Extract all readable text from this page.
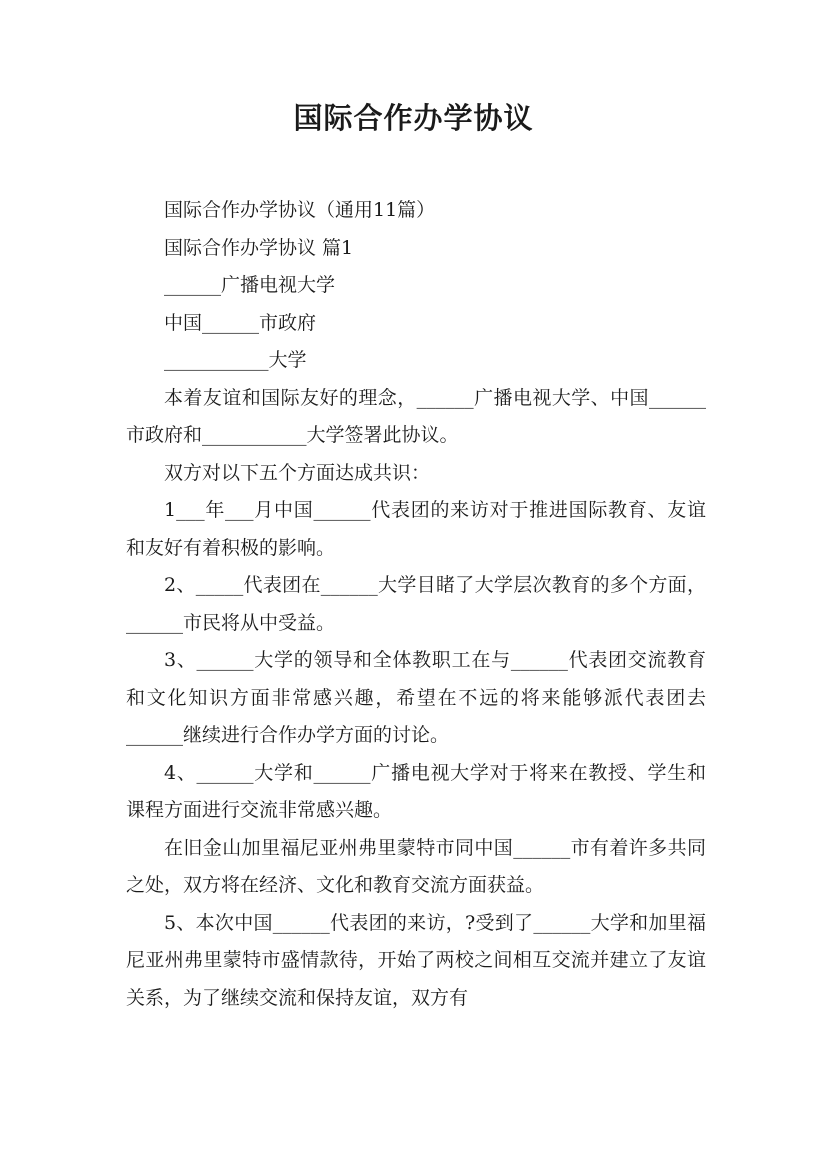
国际合作办学协议

国际合作办学协议（通用11篇）

国际合作办学协议 篇1

______广播电视大学

中国______市政府

___________大学

本着友谊和国际友好的理念，______广播电视大学、中国______市政府和___________大学签署此协议。

双方对以下五个方面达成共识：

1___年___月中国______代表团的来访对于推进国际教育、友谊和友好有着积极的影响。

2、_____代表团在______大学目睹了大学层次教育的多个方面，______市民将从中受益。

3、______大学的领导和全体教职工在与______代表团交流教育和文化知识方面非常感兴趣，希望在不远的将来能够派代表团去______继续进行合作办学方面的讨论。

4、______大学和______广播电视大学对于将来在教授、学生和课程方面进行交流非常感兴趣。

在旧金山加里福尼亚州弗里蒙特市同中国______市有着许多共同之处，双方将在经济、文化和教育交流方面获益。

5、本次中国______代表团的来访，?受到了______大学和加里福尼亚州弗里蒙特市盛情款待，开始了两校之间相互交流并建立了友谊关系，为了继续交流和保持友谊，双方有
